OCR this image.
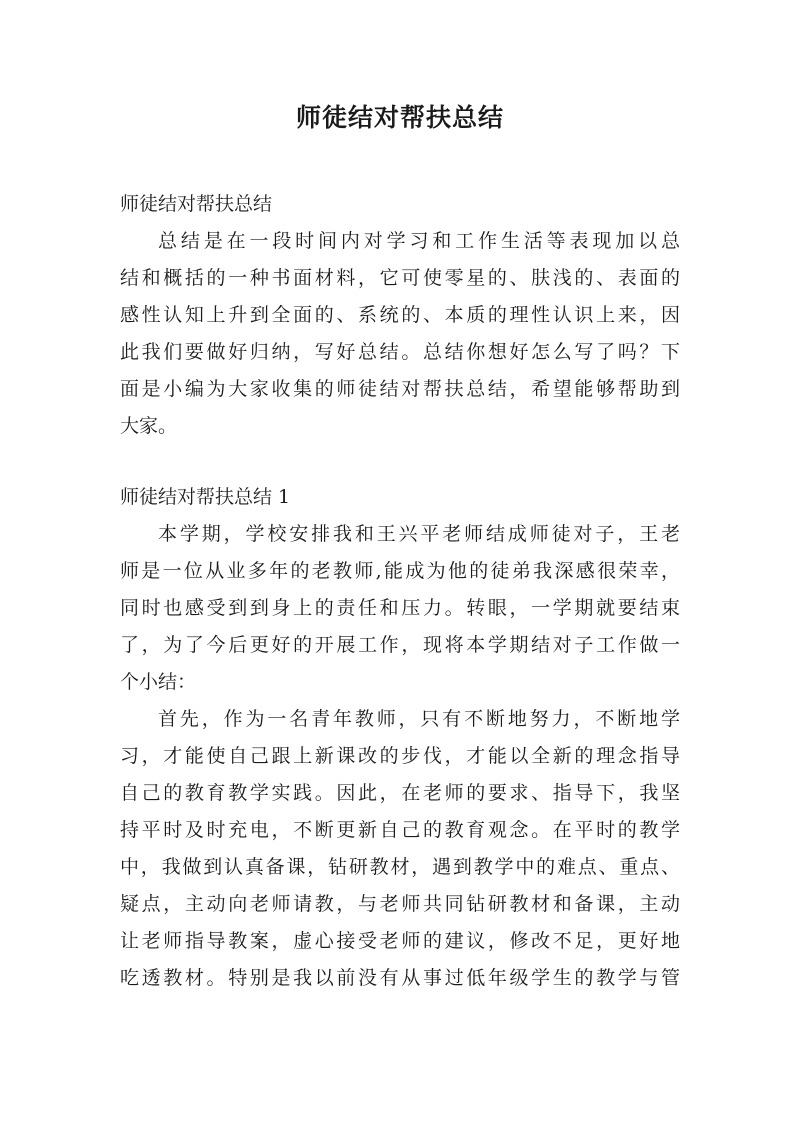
师徒结对帮扶总结

师徒结对帮扶总结

总结是在一段时间内对学习和工作生活等表现加以总

结和概括的一种书面材料，它可使零星的、肤浅的、表面的

感性认知上升到全面的、系统的、本质的理性认识上来，因

此我们要做好归纳，写好总结。总结你想好怎么写了吗？下

面是小编为大家收集的师徒结对帮扶总结，希望能够帮助到

大家。

师徒结对帮扶总结 1

本学期，学校安排我和王兴平老师结成师徒对子，王老

师是一位从业多年的老教师,能成为他的徒弟我深感很荣幸，

同时也感受到到身上的责任和压力。转眼，一学期就要结束

了，为了今后更好的开展工作，现将本学期结对子工作做一

个小结：

首先，作为一名青年教师，只有不断地努力，不断地学

习，才能使自己跟上新课改的步伐，才能以全新的理念指导

自己的教育教学实践。因此，在老师的要求、指导下，我坚

持平时及时充电，不断更新自己的教育观念。在平时的教学

中，我做到认真备课，钻研教材，遇到教学中的难点、重点、

疑点，主动向老师请教，与老师共同钻研教材和备课，主动

让老师指导教案，虚心接受老师的建议，修改不足，更好地

吃透教材。特别是我以前没有从事过低年级学生的教学与管
